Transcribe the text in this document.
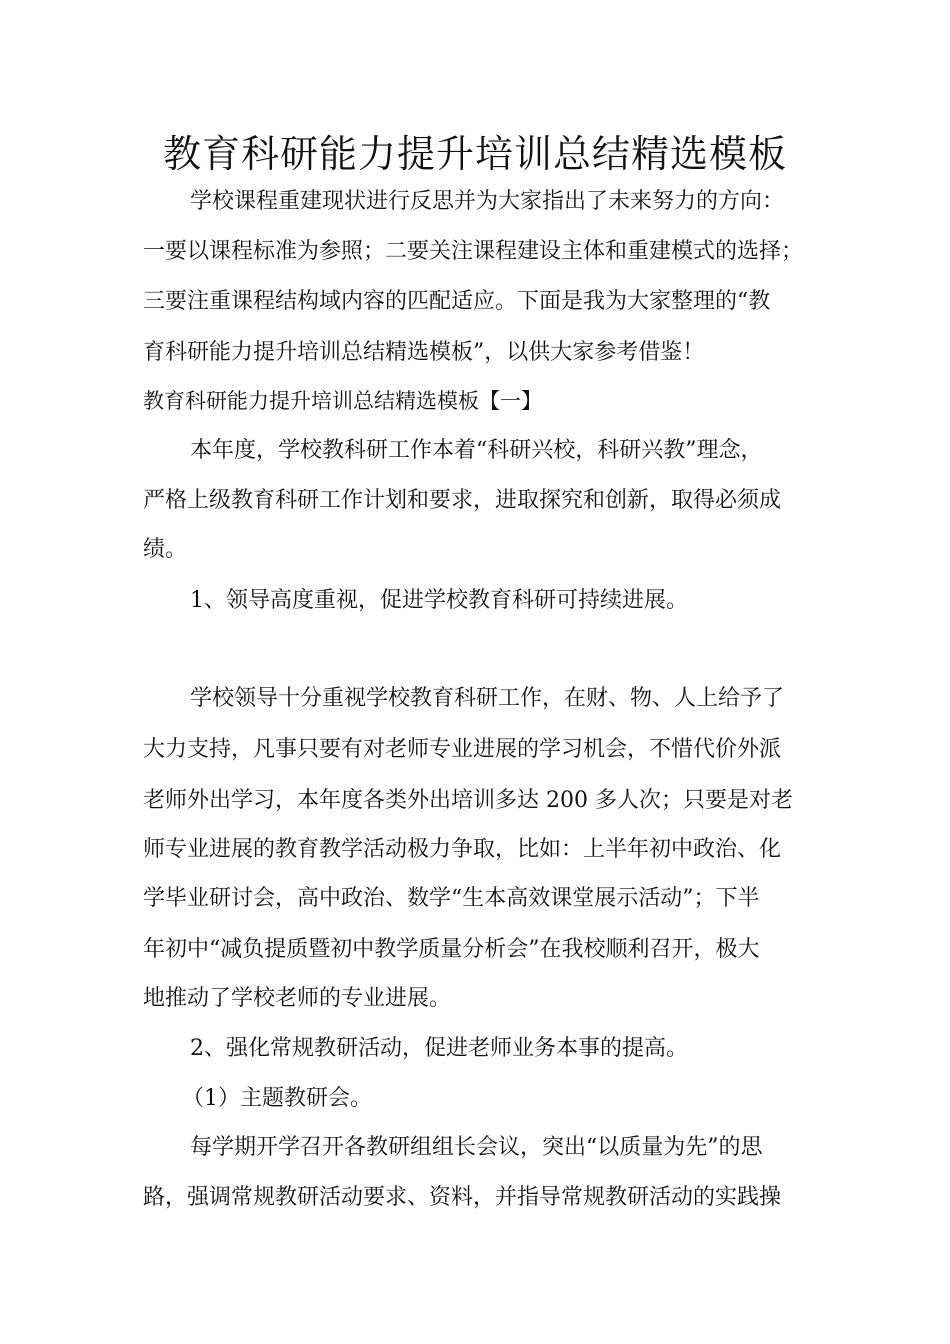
教育科研能力提升培训总结精选模板

学校课程重建现状进行反思并为大家指出了未来努力的方向：

一要以课程标准为参照；二要关注课程建设主体和重建模式的选择；

三要注重课程结构域内容的匹配适应。下面是我为大家整理的“教

育科研能力提升培训总结精选模板”，以供大家参考借鉴！

教育科研能力提升培训总结精选模板【一】

本年度，学校教科研工作本着“科研兴校，科研兴教”理念，

严格上级教育科研工作计划和要求，进取探究和创新，取得必须成

绩。

1、领导高度重视，促进学校教育科研可持续进展。

学校领导十分重视学校教育科研工作，在财、物、人上给予了

大力支持，凡事只要有对老师专业进展的学习机会，不惜代价外派

老师外出学习，本年度各类外出培训多达 200 多人次；只要是对老

师专业进展的教育教学活动极力争取，比如：上半年初中政治、化

学毕业研讨会，高中政治、数学“生本高效课堂展示活动”；下半

年初中“减负提质暨初中教学质量分析会”在我校顺利召开，极大

地推动了学校老师的专业进展。

2、强化常规教研活动，促进老师业务本事的提高。

（1）主题教研会。

每学期开学召开各教研组组长会议，突出“以质量为先”的思

路，强调常规教研活动要求、资料，并指导常规教研活动的实践操
